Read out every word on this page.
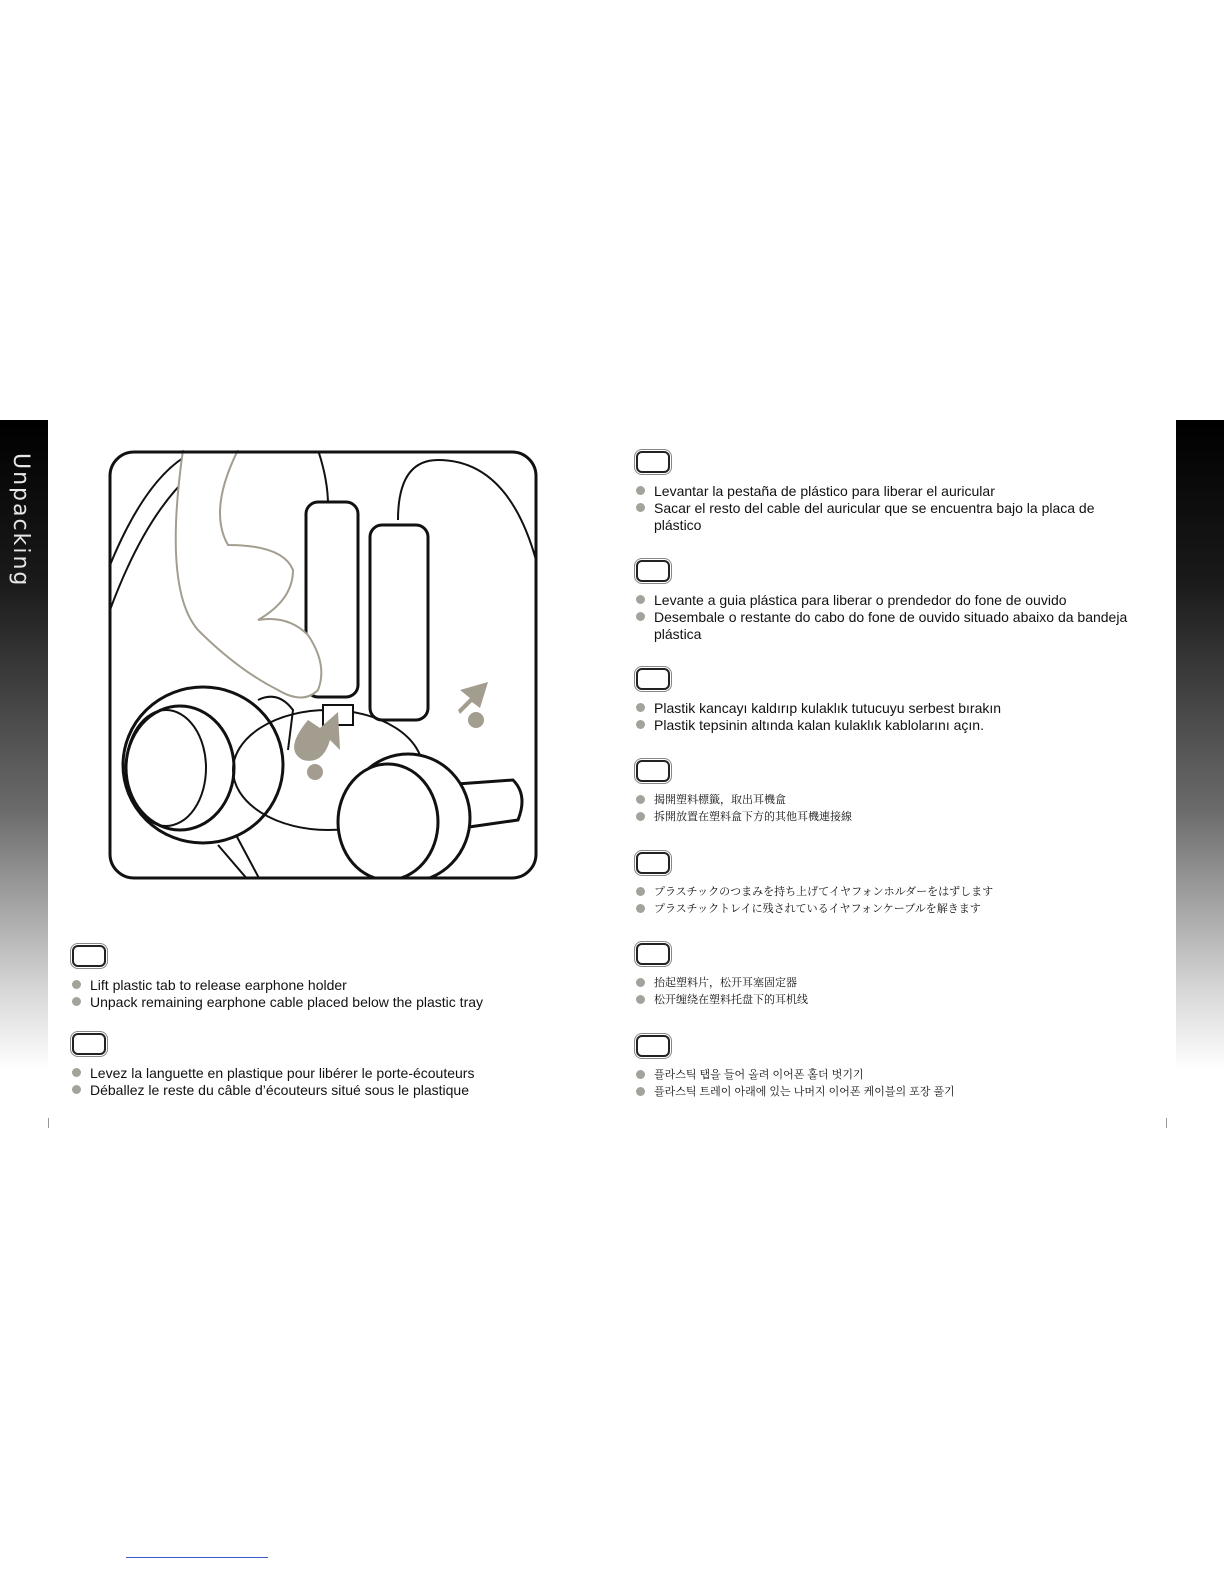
Unpacking

Lift plastic tab to release earphone holder

Unpack remaining earphone cable placed below the plastic tray

Levez la languette en plastique pour libérer le porte-écouteurs

Déballez le reste du câble d’écouteurs situé sous le plastique

Levantar la pestaña de plástico para liberar el auricular

Sacar el resto del cable del auricular que se encuentra bajo la placa de

plástico

Levante a guia plástica para liberar o prendedor do fone de ouvido

Desembale o restante do cabo do fone de ouvido situado abaixo da bandeja

plástica

Plastik kancayı kaldırıp kulaklık tutucuyu serbest bırakın

Plastik tepsinin altında kalan kulaklık kablolarını açın.

揭開塑料標籤，取出耳機盒

拆開放置在塑料盒下方的其他耳機連接線

プラスチックのつまみを持ち上げてイヤフォンホルダーをはずします

プラスチックトレイに残されているイヤフォンケーブルを解きます

抬起塑料片，松开耳塞固定器

松开缠绕在塑料托盘下的耳机线

플라스틱 탭을 들어 올려 이어폰 홀더 벗기기

플라스틱 트레이 아래에 있는 나머지 이어폰 케이블의 포장 풀기
